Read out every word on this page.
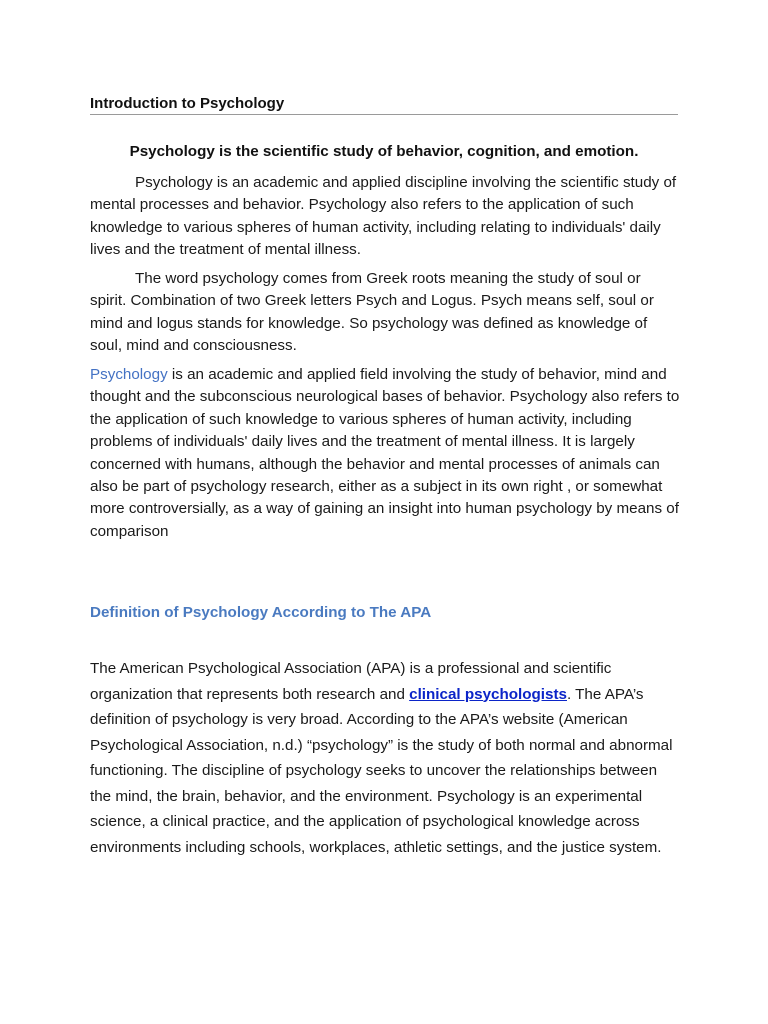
Introduction to Psychology
Psychology is the scientific study of behavior, cognition, and emotion.

Psychology is an academic and applied discipline involving the scientific study of mental processes and behavior. Psychology also refers to the application of such knowledge to various spheres of human activity, including relating to individuals' daily lives and the treatment of mental illness.

The word psychology comes from Greek roots meaning the study of soul or spirit. Combination of two Greek letters Psych and Logus. Psych means self, soul or mind and logus stands for knowledge. So psychology was defined as knowledge of soul, mind and consciousness.

Psychology is an academic and applied field involving the study of behavior, mind and thought and the subconscious neurological bases of behavior. Psychology also refers to the application of such knowledge to various spheres of human activity, including problems of individuals' daily lives and the treatment of mental illness. It is largely concerned with humans, although the behavior and mental processes of animals can also be part of psychology research, either as a subject in its own right , or somewhat more controversially, as a way of gaining an insight into human psychology by means of comparison

Definition of Psychology According to The APA

The American Psychological Association (APA) is a professional and scientific organization that represents both research and clinical psychologists. The APA’s definition of psychology is very broad. According to the APA’s website (American Psychological Association, n.d.) “psychology” is the study of both normal and abnormal functioning. The discipline of psychology seeks to uncover the relationships between the mind, the brain, behavior, and the environment. Psychology is an experimental science, a clinical practice, and the application of psychological knowledge across environments including schools, workplaces, athletic settings, and the justice system.
